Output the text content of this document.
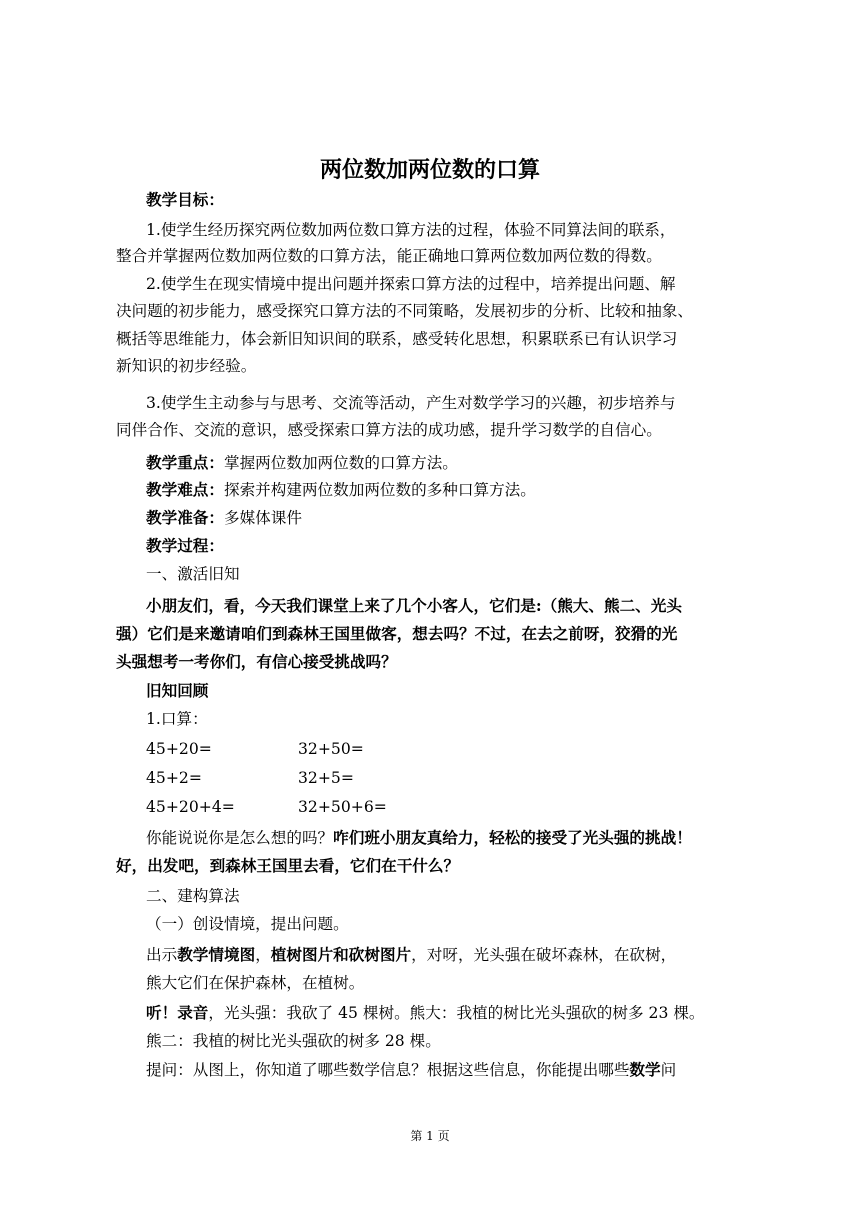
两位数加两位数的口算
教学目标：
1.使学生经历探究两位数加两位数口算方法的过程，体验不同算法间的联系，
整合并掌握两位数加两位数的口算方法，能正确地口算两位数加两位数的得数。
2.使学生在现实情境中提出问题并探索口算方法的过程中，培养提出问题、解
决问题的初步能力，感受探究口算方法的不同策略，发展初步的分析、比较和抽象、
概括等思维能力，体会新旧知识间的联系，感受转化思想，积累联系已有认识学习
新知识的初步经验。
3.使学生主动参与与思考、交流等活动，产生对数学学习的兴趣，初步培养与
同伴合作、交流的意识，感受探索口算方法的成功感，提升学习数学的自信心。
教学重点：掌握两位数加两位数的口算方法。
教学难点：探索并构建两位数加两位数的多种口算方法。
教学准备：多媒体课件
教学过程：
一、激活旧知
小朋友们，看，今天我们课堂上来了几个小客人，它们是:（熊大、熊二、光头
强）它们是来邀请咱们到森林王国里做客，想去吗？不过，在去之前呀，狡猾的光
头强想考一考你们，有信心接受挑战吗？
旧知回顾
1.口算：
45+20=	32+50=
45+2=	32+5=
45+20+4=	32+50+6=
你能说说你是怎么想的吗？咋们班小朋友真给力，轻松的接受了光头强的挑战！
好，出发吧，到森林王国里去看，它们在干什么？
二、建构算法
（一）创设情境，提出问题。
出示教学情境图，植树图片和砍树图片，对呀，光头强在破坏森林，在砍树，
熊大它们在保护森林，在植树。
听！录音，光头强：我砍了 45 棵树。熊大：我植的树比光头强砍的树多 23 棵。
熊二：我植的树比光头强砍的树多 28 棵。
提问：从图上，你知道了哪些数学信息？根据这些信息，你能提出哪些数学问
第 1 页
